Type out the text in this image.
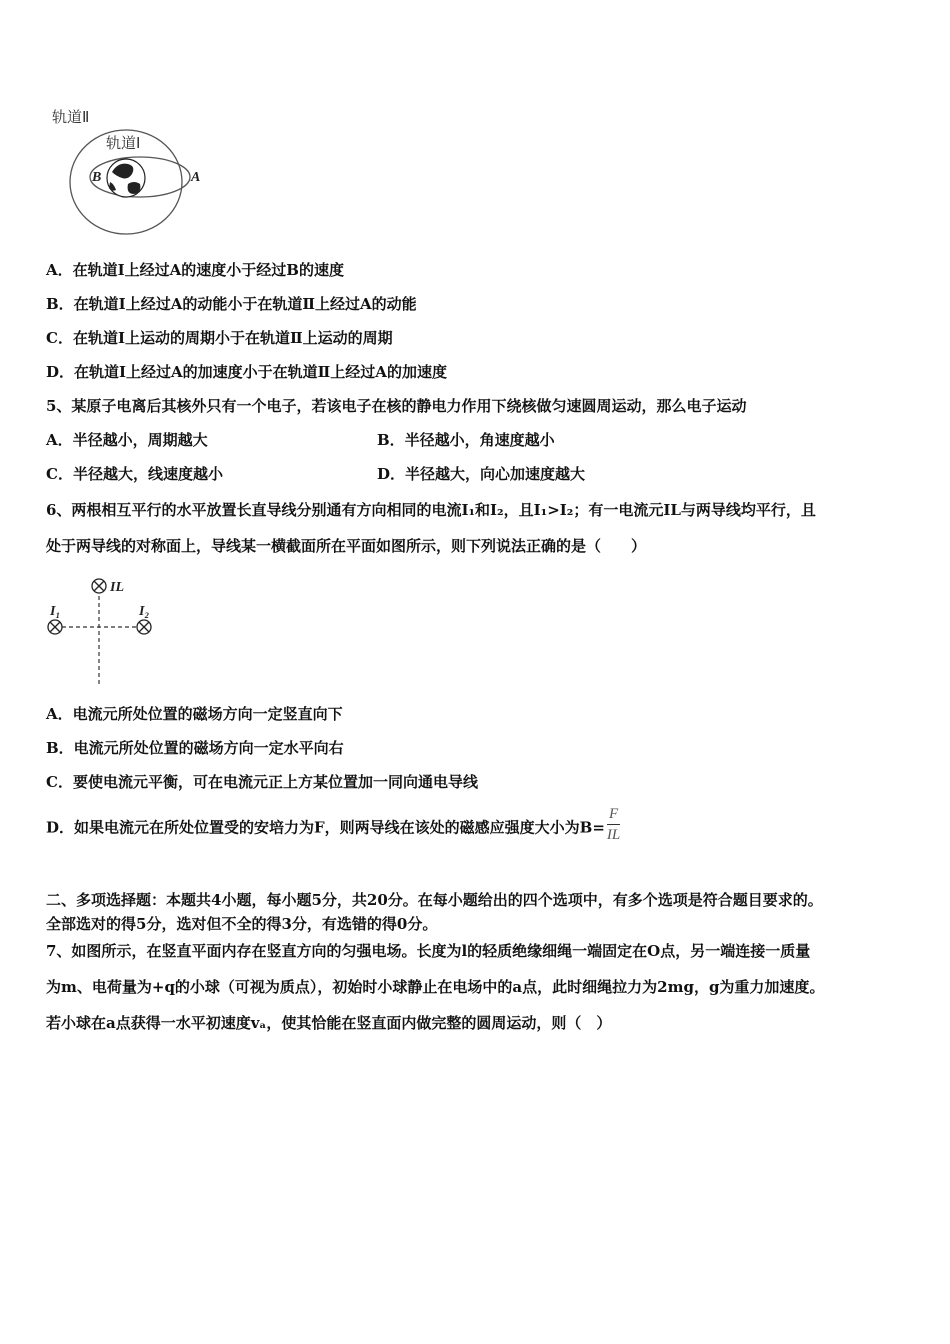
轨道Ⅱ
轨道Ⅰ
B	A
A．在轨道Ⅰ上经过A的速度小于经过B的速度
B．在轨道Ⅰ上经过A的动能小于在轨道Ⅱ上经过A的动能
C．在轨道Ⅰ上运动的周期小于在轨道Ⅱ上运动的周期
D．在轨道Ⅰ上经过A的加速度小于在轨道Ⅱ上经过A的加速度
5、某原子电离后其核外只有一个电子，若该电子在核的静电力作用下绕核做匀速圆周运动，那么电子运动
A．半径越小，周期越大	B．半径越小，角速度越小
C．半径越大，线速度越小	D．半径越大，向心加速度越大
6、两根相互平行的水平放置长直导线分别通有方向相同的电流I₁和I₂，且I₁>I₂；有一电流元IL与两导线均平行，且
处于两导线的对称面上，导线某一横截面所在平面如图所示，则下列说法正确的是（　　）
IL
I₁	I₂
A．电流元所处位置的磁场方向一定竖直向下
B．电流元所处位置的磁场方向一定水平向右
C．要使电流元平衡，可在电流元正上方某位置加一同向通电导线
D．如果电流元在所处位置受的安培力为F，则两导线在该处的磁感应强度大小为$B= \frac{F}{IL}$
二、多项选择题：本题共4小题，每小题5分，共20分。在每小题给出的四个选项中，有多个选项是符合题目要求的。
全部选对的得5分，选对但不全的得3分，有选错的得0分。
7、如图所示，在竖直平面内存在竖直方向的匀强电场。长度为l的轻质绝缘细绳一端固定在O点，另一端连接一质量
为m、电荷量为+q的小球（可视为质点），初始时小球静止在电场中的a点，此时细绳拉力为2mg，g为重力加速度。
若小球在a点获得一水平初速度vₐ，使其恰能在竖直面内做完整的圆周运动，则（　）
